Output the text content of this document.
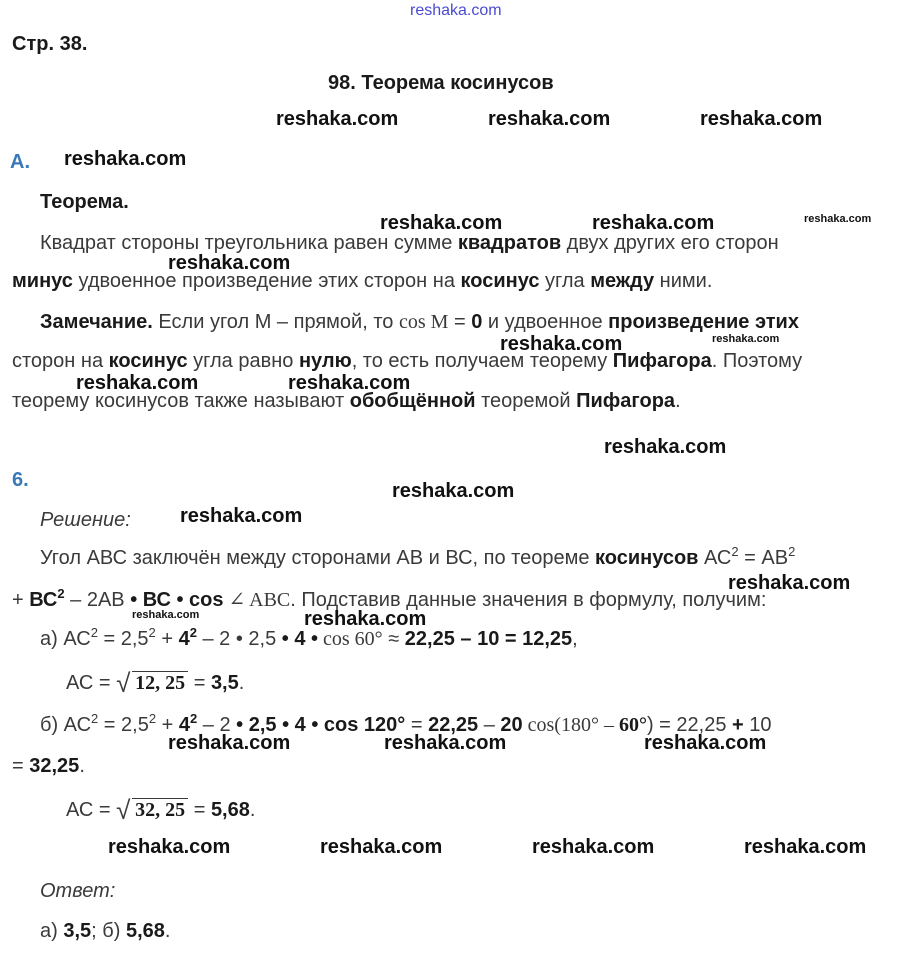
reshaka.com
reshaka.com	reshaka.com	reshaka.com
reshaka.com
reshaka.com	reshaka.com	reshaka.com
reshaka.com
reshaka.com	reshaka.com
reshaka.com	reshaka.com
reshaka.com
reshaka.com
reshaka.com
reshaka.com
reshaka.com	reshaka.com
reshaka.com	reshaka.com	reshaka.com
reshaka.com	reshaka.com	reshaka.com	reshaka.com
Стр. 38.
98. Теорема косинусов
А.
Теорема.
Квадрат стороны треугольника равен сумме квадратов двух других его сторон
минус удвоенное произведение этих сторон на косинус угла между ними.
Замечание. Если угол М – прямой, то cos M = 0 и удвоенное произведение этих
сторон на косинус угла равно нулю, то есть получаем теорему Пифагора. Поэтому
теорему косинусов также называют обобщённой теоремой Пифагора.
6.
Решение:
Угол АВС заключён между сторонами АВ и ВС, по теореме косинусов $АС^2 = АВ^2$
+ $ВС^2 - 2АВ$ • ВС • cos ∠ ABC. Подставив данные значения в формулу, получим:
а) $АС^2 = 2,5^2 + 4^2 - 2$ • 2,5 • 4 • cos 60° ≈ 22,25 – 10 = 12,25,
АС = √ 12, 25 = 3,5.
б) $АС^2 = 2,5^2 + 4^2 - 2$ • 2,5 • 4 • cos 120° = 22,25 – 20 cos(180° – 60°) = 22,25 + 10
= 32,25.
АС = √ 32, 25 = 5,68.
Ответ:
а) 3,5; б) 5,68.
